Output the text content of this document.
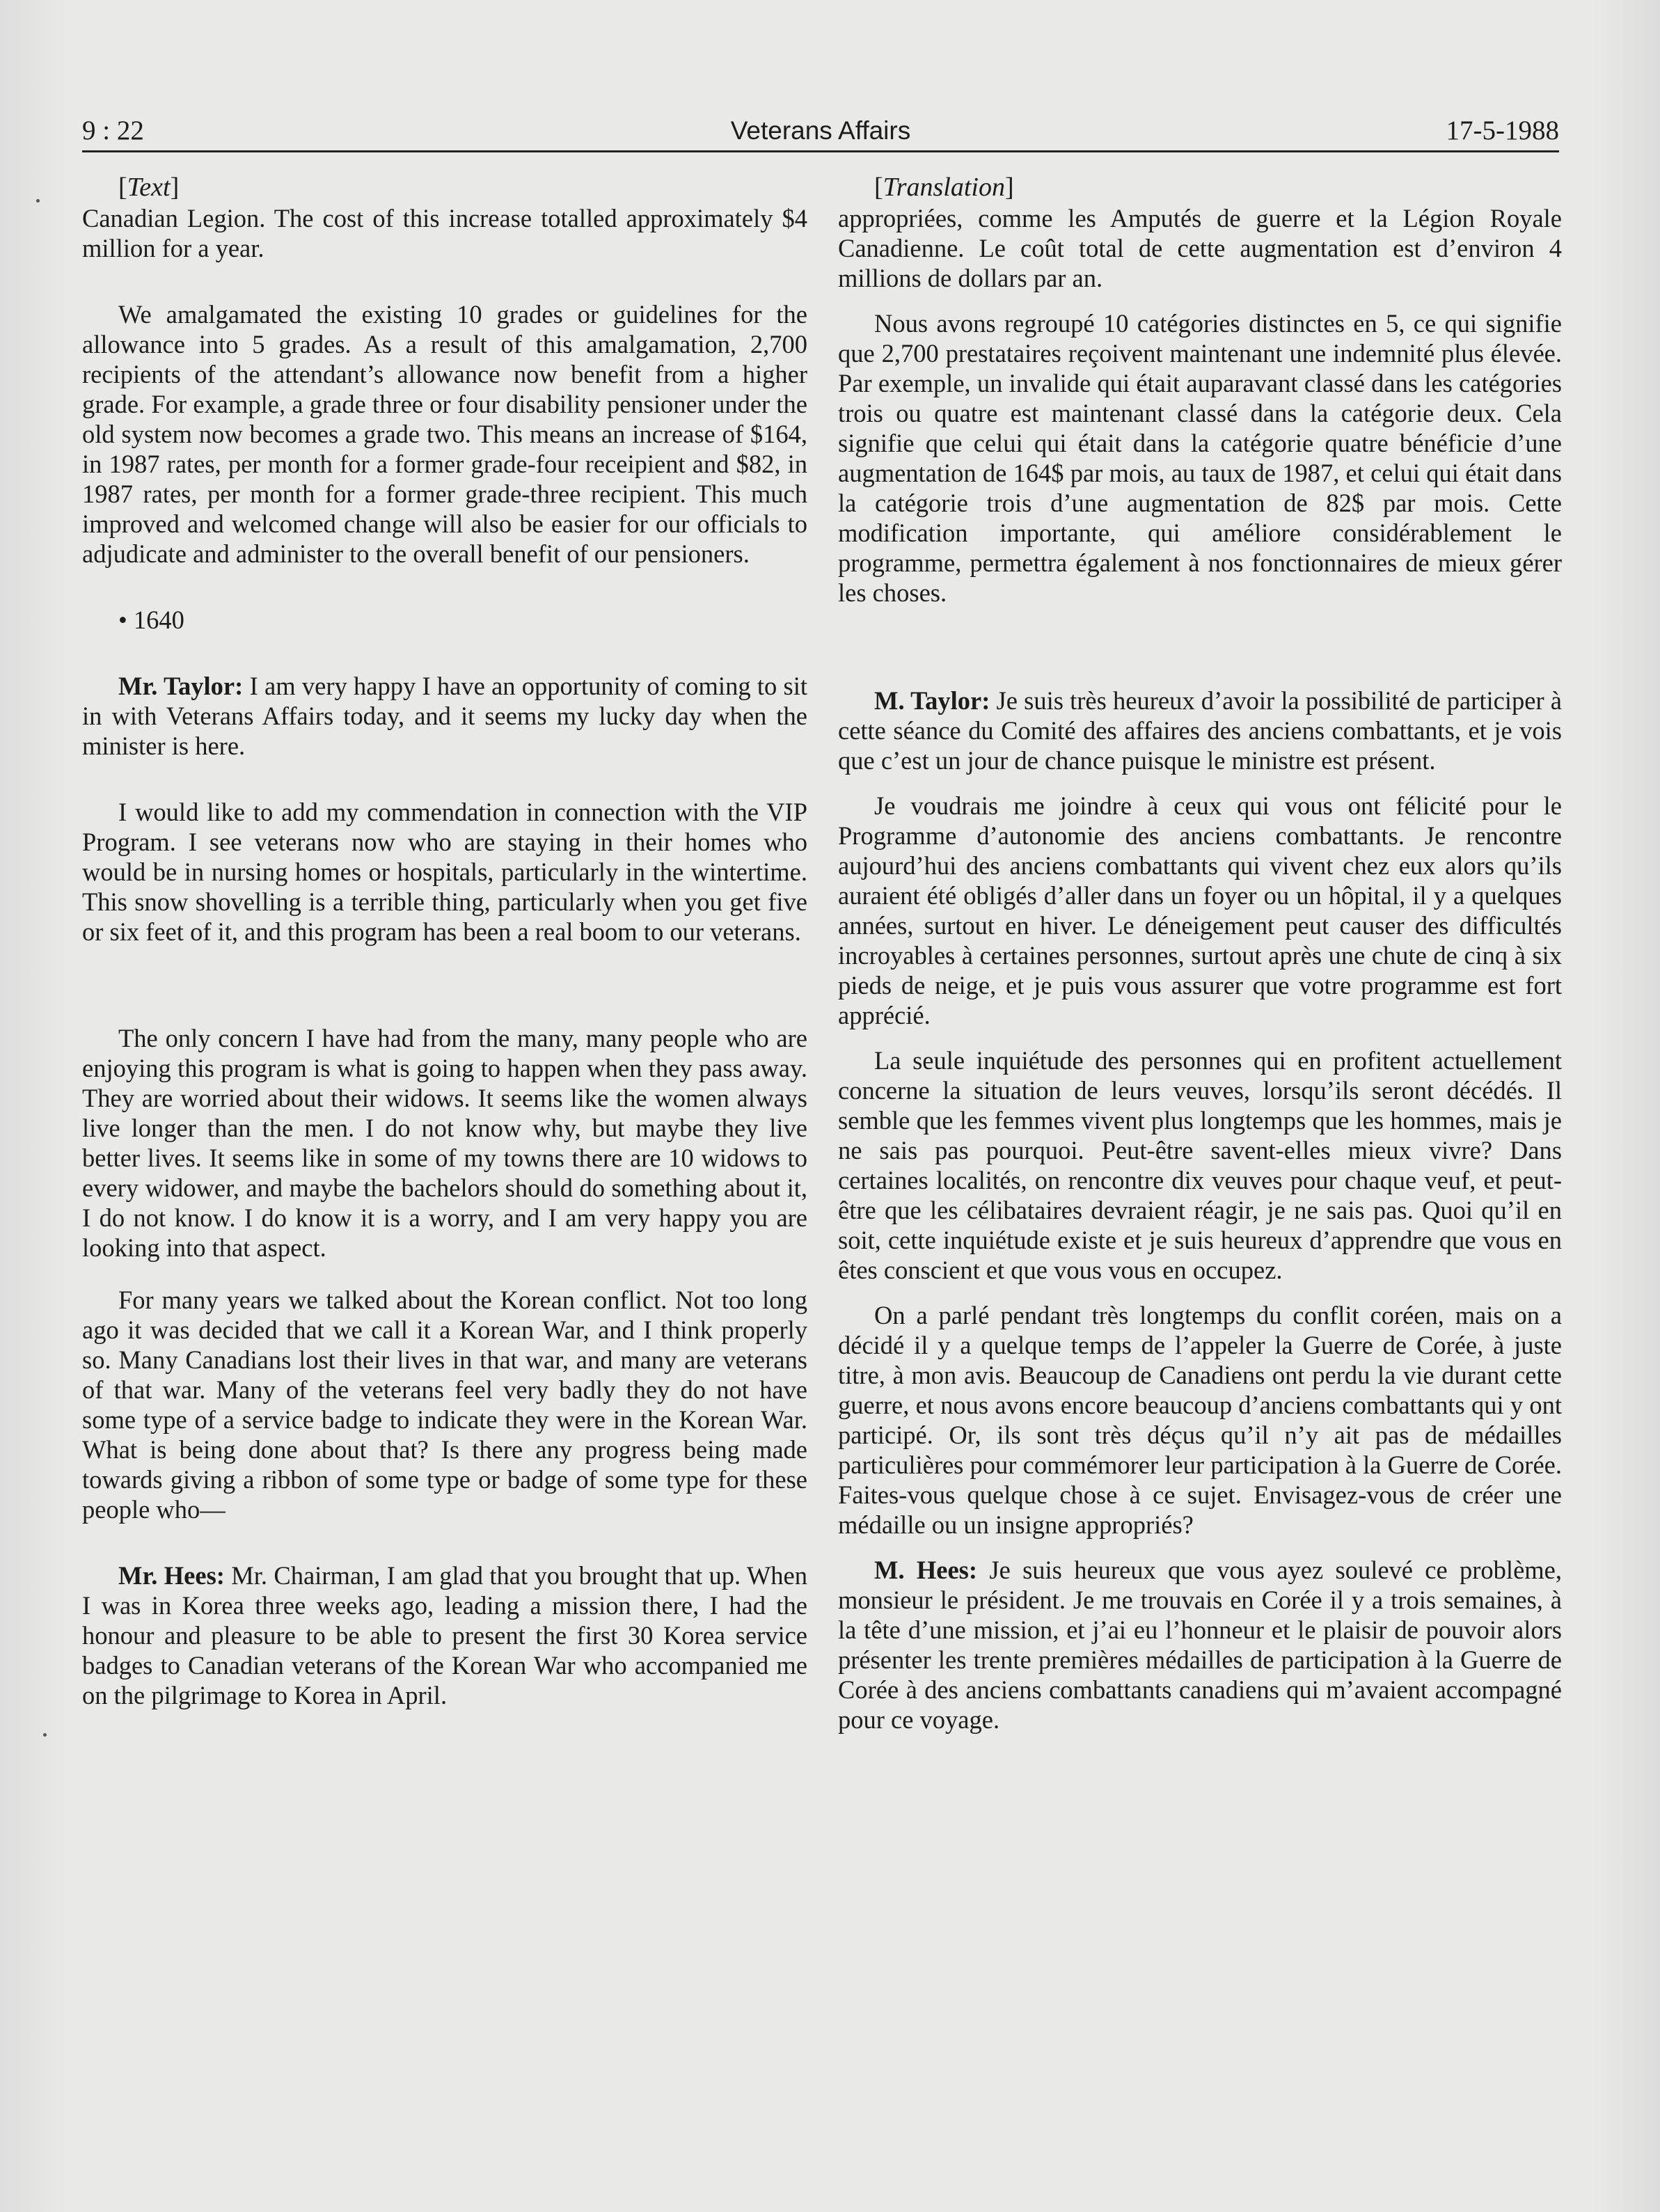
9 : 22	Veterans Affairs	17-5-1988

[Text]

Canadian Legion. The cost of this increase totalled approximately $4 million for a year.

We amalgamated the existing 10 grades or guidelines for the allowance into 5 grades. As a result of this amalgamation, 2,700 recipients of the attendant’s allowance now benefit from a higher grade. For example, a grade three or four disability pensioner under the old system now becomes a grade two. This means an increase of $164, in 1987 rates, per month for a former grade-four receipient and $82, in 1987 rates, per month for a former grade-three recipient. This much improved and welcomed change will also be easier for our officials to adjudicate and administer to the overall benefit of our pensioners.

• 1640

Mr. Taylor: I am very happy I have an opportunity of coming to sit in with Veterans Affairs today, and it seems my lucky day when the minister is here.

I would like to add my commendation in connection with the VIP Program. I see veterans now who are staying in their homes who would be in nursing homes or hospitals, particularly in the wintertime. This snow shovelling is a terrible thing, particularly when you get five or six feet of it, and this program has been a real boom to our veterans.

The only concern I have had from the many, many people who are enjoying this program is what is going to happen when they pass away. They are worried about their widows. It seems like the women always live longer than the men. I do not know why, but maybe they live better lives. It seems like in some of my towns there are 10 widows to every widower, and maybe the bachelors should do something about it, I do not know. I do know it is a worry, and I am very happy you are looking into that aspect.

For many years we talked about the Korean conflict. Not too long ago it was decided that we call it a Korean War, and I think properly so. Many Canadians lost their lives in that war, and many are veterans of that war. Many of the veterans feel very badly they do not have some type of a service badge to indicate they were in the Korean War. What is being done about that? Is there any progress being made towards giving a ribbon of some type or badge of some type for these people who—

Mr. Hees: Mr. Chairman, I am glad that you brought that up. When I was in Korea three weeks ago, leading a mission there, I had the honour and pleasure to be able to present the first 30 Korea service badges to Canadian veterans of the Korean War who accompanied me on the pilgrimage to Korea in April.

[Translation]

appropriées, comme les Amputés de guerre et la Légion Royale Canadienne. Le coût total de cette augmentation est d’environ 4 millions de dollars par an.

Nous avons regroupé 10 catégories distinctes en 5, ce qui signifie que 2,700 prestataires reçoivent maintenant une indemnité plus élevée. Par exemple, un invalide qui était auparavant classé dans les catégories trois ou quatre est maintenant classé dans la catégorie deux. Cela signifie que celui qui était dans la catégorie quatre bénéficie d’une augmentation de 164$ par mois, au taux de 1987, et celui qui était dans la catégorie trois d’une augmentation de 82$ par mois. Cette modification importante, qui améliore considérablement le programme, permettra également à nos fonctionnaires de mieux gérer les choses.

M. Taylor: Je suis très heureux d’avoir la possibilité de participer à cette séance du Comité des affaires des anciens combattants, et je vois que c’est un jour de chance puisque le ministre est présent.

Je voudrais me joindre à ceux qui vous ont félicité pour le Programme d’autonomie des anciens combattants. Je rencontre aujourd’hui des anciens combattants qui vivent chez eux alors qu’ils auraient été obligés d’aller dans un foyer ou un hôpital, il y a quelques années, surtout en hiver. Le déneigement peut causer des difficultés incroyables à certaines personnes, surtout après une chute de cinq à six pieds de neige, et je puis vous assurer que votre programme est fort apprécié.

La seule inquiétude des personnes qui en profitent actuellement concerne la situation de leurs veuves, lorsqu’ils seront décédés. Il semble que les femmes vivent plus longtemps que les hommes, mais je ne sais pas pourquoi. Peut-être savent-elles mieux vivre? Dans certaines localités, on rencontre dix veuves pour chaque veuf, et peut-être que les célibataires devraient réagir, je ne sais pas. Quoi qu’il en soit, cette inquiétude existe et je suis heureux d’apprendre que vous en êtes conscient et que vous vous en occupez.

On a parlé pendant très longtemps du conflit coréen, mais on a décidé il y a quelque temps de l’appeler la Guerre de Corée, à juste titre, à mon avis. Beaucoup de Canadiens ont perdu la vie durant cette guerre, et nous avons encore beaucoup d’anciens combattants qui y ont participé. Or, ils sont très déçus qu’il n’y ait pas de médailles particulières pour commémorer leur participation à la Guerre de Corée. Faites-vous quelque chose à ce sujet. Envisagez-vous de créer une médaille ou un insigne appropriés?

M. Hees: Je suis heureux que vous ayez soulevé ce problème, monsieur le président. Je me trouvais en Corée il y a trois semaines, à la tête d’une mission, et j’ai eu l’honneur et le plaisir de pouvoir alors présenter les trente premières médailles de participation à la Guerre de Corée à des anciens combattants canadiens qui m’avaient accompagné pour ce voyage.
